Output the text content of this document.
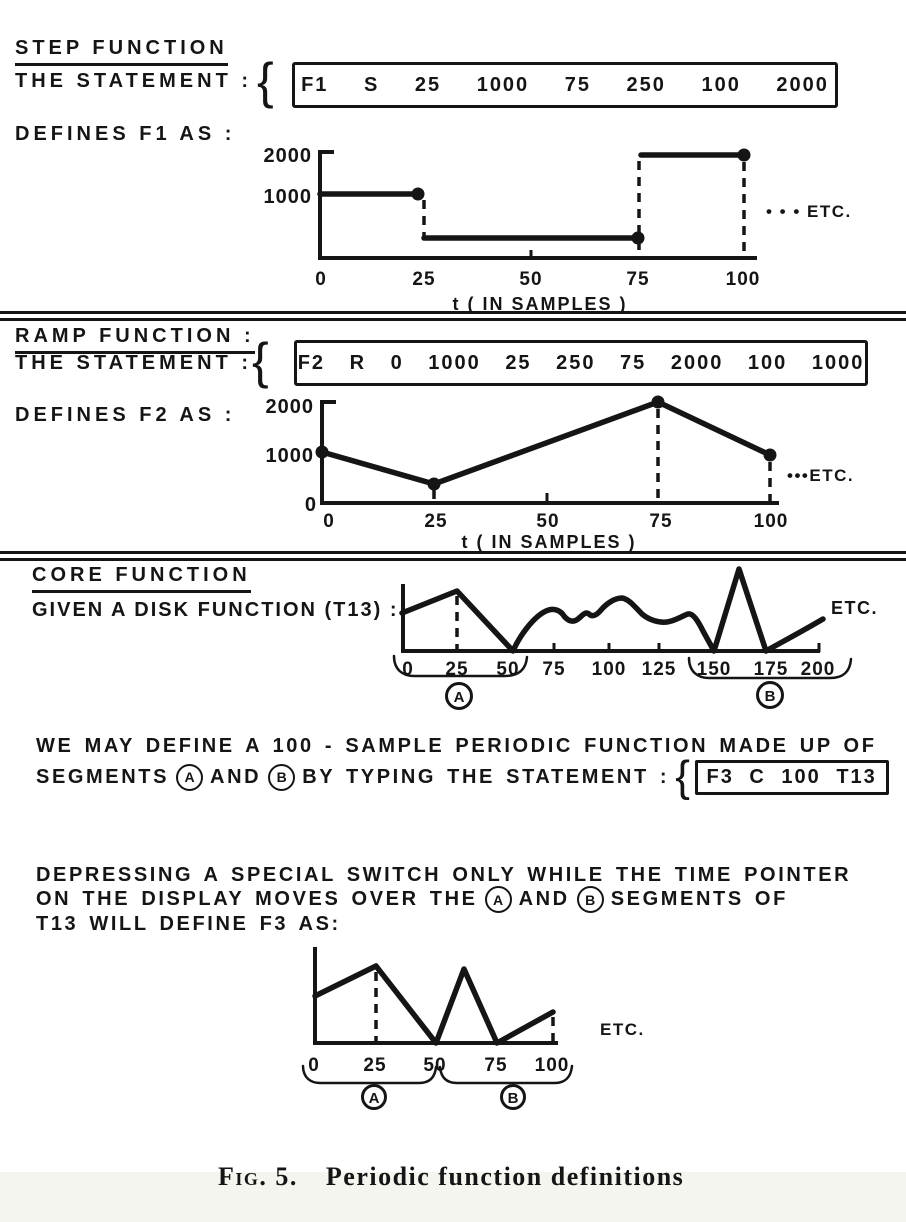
STEP FUNCTION
THE STATEMENT : { F1 S 25 1000 75 250 100 2000
DEFINES F1 AS :
RAMP FUNCTION :
THE STATEMENT : { F2 R 0 1000 25 250 75 2000 100 1000
DEFINES F2 AS :
CORE FUNCTION
GIVEN A DISK FUNCTION (T13) :
WE MAY DEFINE A 100 - SAMPLE PERIODIC FUNCTION MADE UP OF
SEGMENTS	A AND	B BY TYPING THE STATEMENT : { F3 C 100 T13
DEPRESSING A SPECIAL SWITCH ONLY WHILE THE TIME POINTER
ON THE DISPLAY MOVES OVER THE	A AND	B SEGMENTS OF
T13 WILL DEFINE F3 AS:

Fig. 5. Periodic function definitions

2000
1000
0	25	50	75	100
t ( IN SAMPLES )
• • • ETC.
2000
1000
0
0	25	50	75	100
t ( IN SAMPLES )
•••ETC.
0 25 50 75 100 125 150 175 200
ETC.
A	B
0 25 50 75 100
ETC.
A	B
